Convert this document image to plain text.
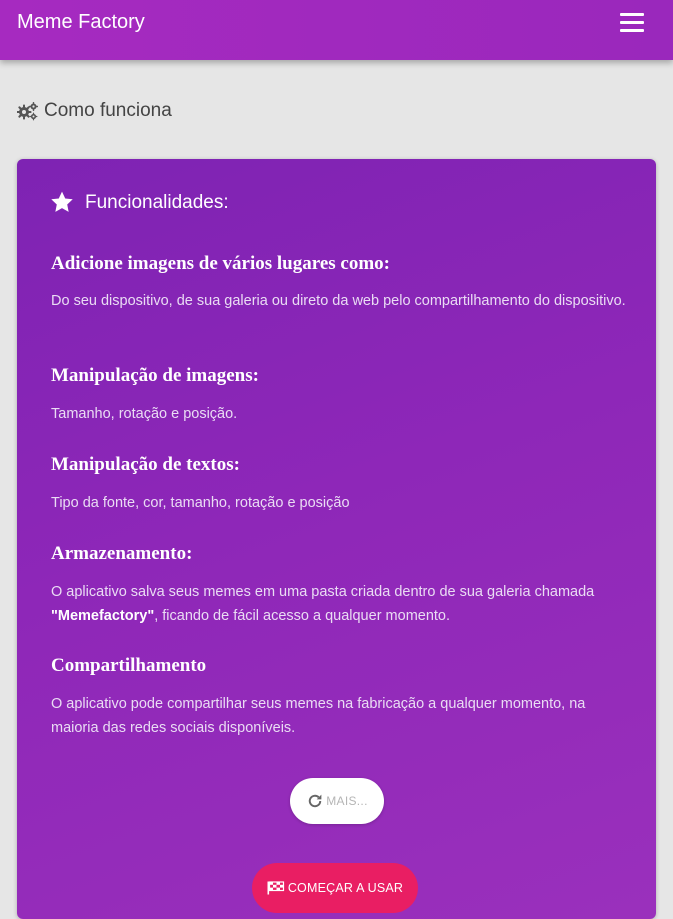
Meme Factory
Como funciona
Funcionalidades:
Adicione imagens de vários lugares como:

Do seu dispositivo, de sua galeria ou direto da web pelo compartilhamento do dispositivo.

Manipulação de imagens:

Tamanho, rotação e posição.

Manipulação de textos:

Tipo da fonte, cor, tamanho, rotação e posição

Armazenamento:

O aplicativo salva seus memes em uma pasta criada dentro de sua galeria chamada "Memefactory", ficando de fácil acesso a qualquer momento.

Compartilhamento

O aplicativo pode compartilhar seus memes na fabricação a qualquer momento, na maioria das redes sociais disponíveis.

MAIS...
COMEÇAR A USAR
